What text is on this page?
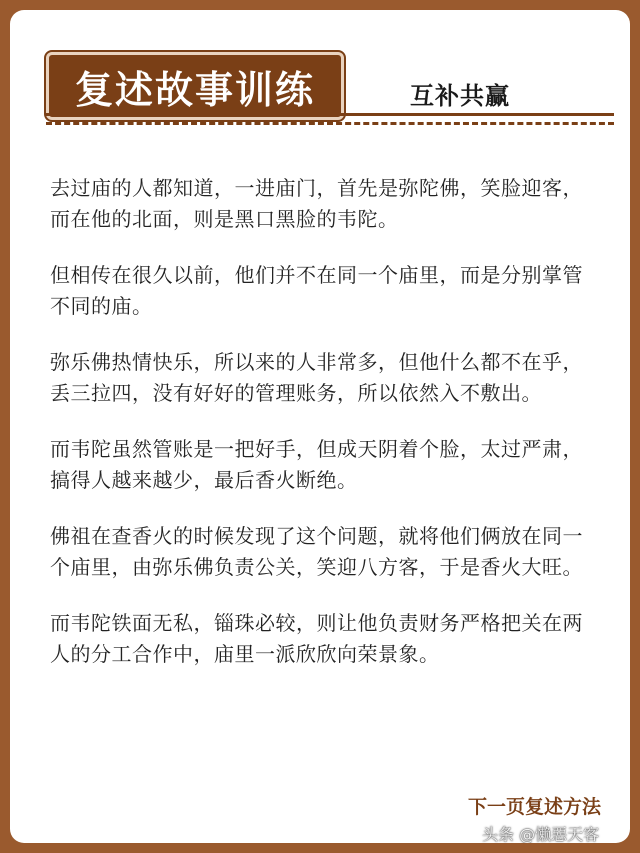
复述故事训练	互补共赢

去过庙的人都知道，一进庙门，首先是弥陀佛，笑脸迎客，而在他的北面，则是黑口黑脸的韦陀。

但相传在很久以前，他们并不在同一个庙里，而是分别掌管不同的庙。

弥乐佛热情快乐，所以来的人非常多，但他什么都不在乎，丢三拉四，没有好好的管理账务，所以依然入不敷出。

而韦陀虽然管账是一把好手，但成天阴着个脸，太过严肃，搞得人越来越少，最后香火断绝。

佛祖在查香火的时候发现了这个问题，就将他们俩放在同一个庙里，由弥乐佛负责公关，笑迎八方客，于是香火大旺。

而韦陀铁面无私，锱珠必较，则让他负责财务严格把关在两人的分工合作中，庙里一派欣欣向荣景象。

下一页复述方法
头条 @懒惡天客
